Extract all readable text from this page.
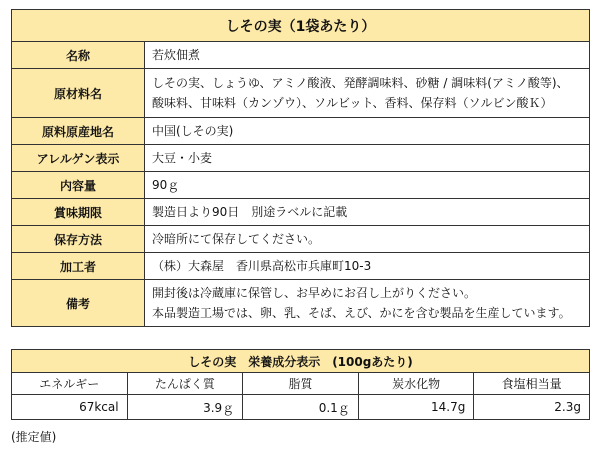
しその実（1袋あたり）	
名称	若炊佃煮

原材料名	しその実、しょうゆ、アミノ酸液、発酵調味料、砂糖 / 調味料(アミノ酸等)、
酸味料、甘味料（カンゾウ）、ソルビット、香料、保存料（ソルビン酸Ｋ）

原料原産地名	中国(しその実)

アレルゲン表示	大豆・小麦

内容量	90ｇ

賞味期限	製造日より90日　別途ラベルに記載

保存方法	冷暗所にて保存してください。

加工者	（株）大森屋　香川県高松市兵庫町10-3

備考	開封後は冷蔵庫に保管し、お早めにお召し上がりください。
本品製造工場では、卵、乳、そば、えび、かにを含む製品を生産しています。
しその実　栄養成分表示　(100gあたり)				
エネルギー	たんぱく質	脂質	炭水化物	食塩相当量
67kcal	3.9ｇ	0.1ｇ	14.7g	2.3g
(推定値)
